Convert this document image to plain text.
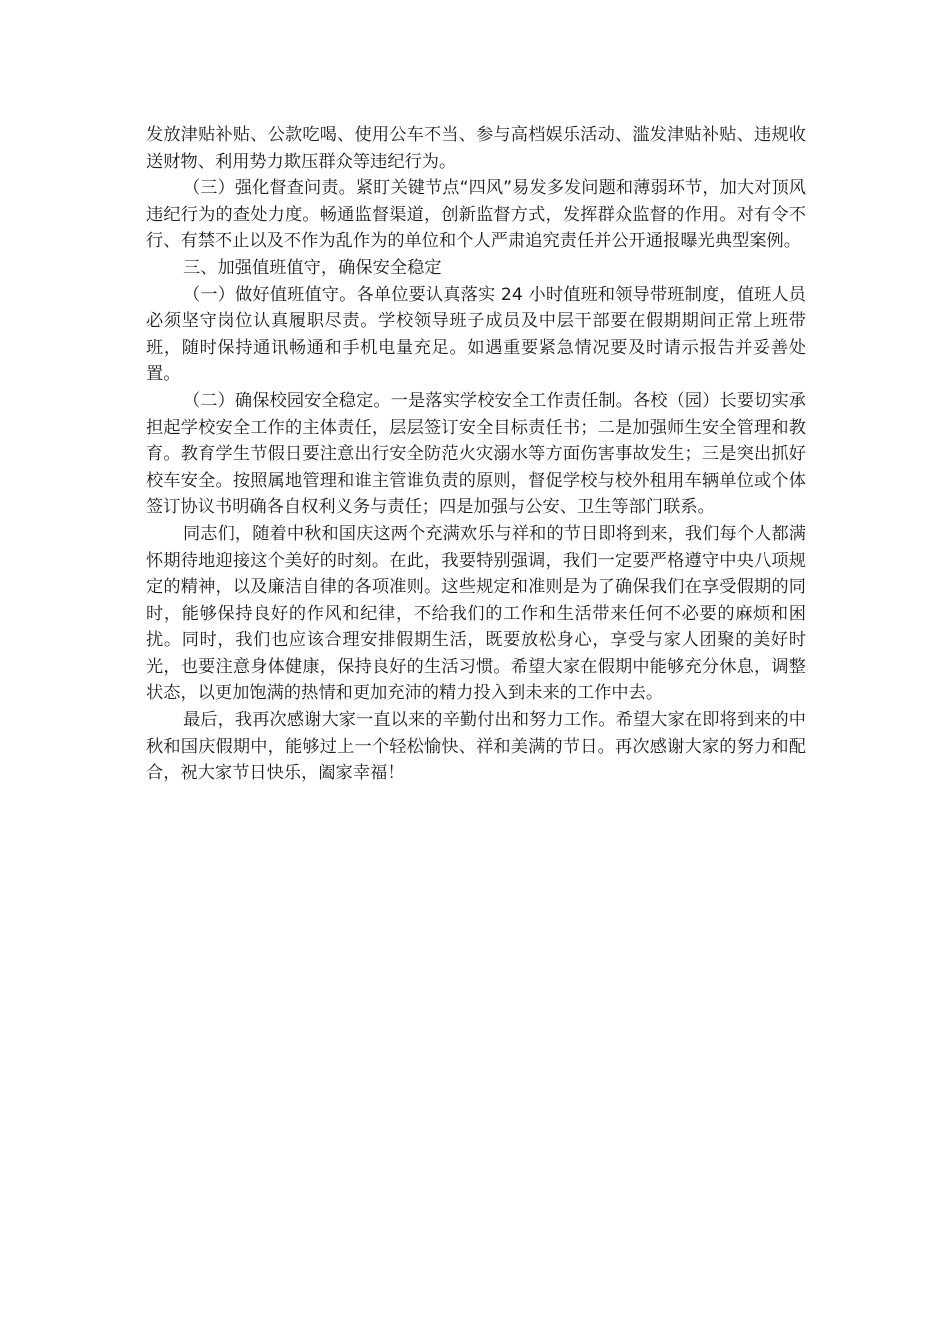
发放津贴补贴、公款吃喝、使用公车不当、参与高档娱乐活动、滥发津贴补贴、违规收送财物、利用势力欺压群众等违纪行为。

（三）强化督查问责。紧盯关键节点“四风”易发多发问题和薄弱环节，加大对顶风违纪行为的查处力度。畅通监督渠道，创新监督方式，发挥群众监督的作用。对有令不行、有禁不止以及不作为乱作为的单位和个人严肃追究责任并公开通报曝光典型案例。

三、加强值班值守，确保安全稳定

（一）做好值班值守。各单位要认真落实 24 小时值班和领导带班制度，值班人员必须坚守岗位认真履职尽责。学校领导班子成员及中层干部要在假期期间正常上班带班，随时保持通讯畅通和手机电量充足。如遇重要紧急情况要及时请示报告并妥善处置。

（二）确保校园安全稳定。一是落实学校安全工作责任制。各校（园）长要切实承担起学校安全工作的主体责任，层层签订安全目标责任书；二是加强师生安全管理和教育。教育学生节假日要注意出行安全防范火灾溺水等方面伤害事故发生；三是突出抓好校车安全。按照属地管理和谁主管谁负责的原则，督促学校与校外租用车辆单位或个体签订协议书明确各自权利义务与责任；四是加强与公安、卫生等部门联系。

同志们，随着中秋和国庆这两个充满欢乐与祥和的节日即将到来，我们每个人都满怀期待地迎接这个美好的时刻。在此，我要特别强调，我们一定要严格遵守中央八项规定的精神，以及廉洁自律的各项准则。这些规定和准则是为了确保我们在享受假期的同时，能够保持良好的作风和纪律，不给我们的工作和生活带来任何不必要的麻烦和困扰。同时，我们也应该合理安排假期生活，既要放松身心，享受与家人团聚的美好时光，也要注意身体健康，保持良好的生活习惯。希望大家在假期中能够充分休息，调整状态，以更加饱满的热情和更加充沛的精力投入到未来的工作中去。

最后，我再次感谢大家一直以来的辛勤付出和努力工作。希望大家在即将到来的中秋和国庆假期中，能够过上一个轻松愉快、祥和美满的节日。再次感谢大家的努力和配合，祝大家节日快乐，阖家幸福！
